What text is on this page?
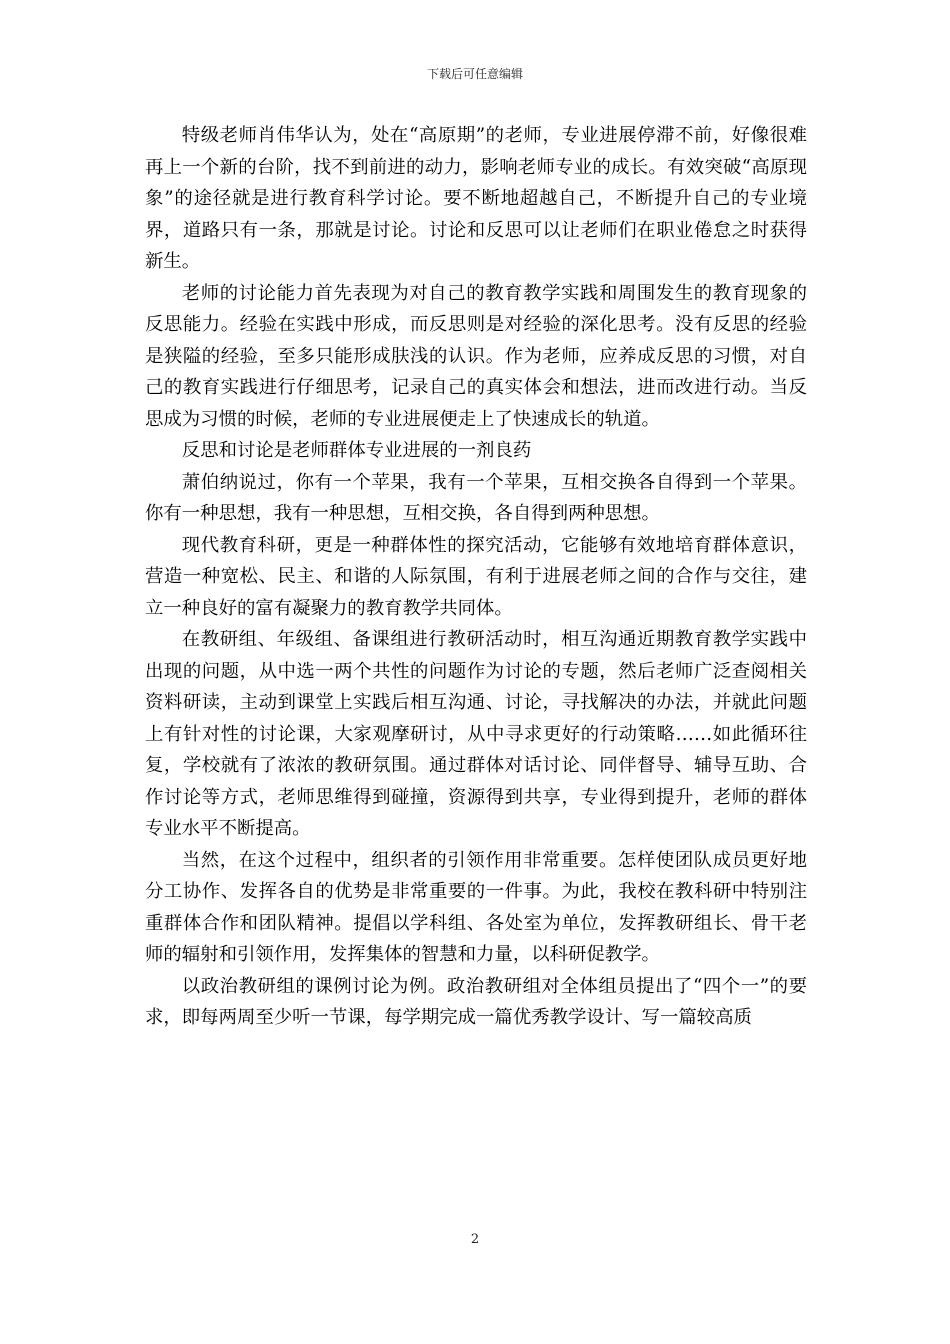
下载后可任意编辑

特级老师肖伟华认为，处在“高原期”的老师，专业进展停滞不前，好像很难再上一个新的台阶，找不到前进的动力，影响老师专业的成长。有效突破“高原现象”的途径就是进行教育科学讨论。要不断地超越自己，不断提升自己的专业境界，道路只有一条，那就是讨论。讨论和反思可以让老师们在职业倦怠之时获得新生。

老师的讨论能力首先表现为对自己的教育教学实践和周围发生的教育现象的反思能力。经验在实践中形成，而反思则是对经验的深化思考。没有反思的经验是狭隘的经验，至多只能形成肤浅的认识。作为老师，应养成反思的习惯，对自己的教育实践进行仔细思考，记录自己的真实体会和想法，进而改进行动。当反思成为习惯的时候，老师的专业进展便走上了快速成长的轨道。

反思和讨论是老师群体专业进展的一剂良药

萧伯纳说过，你有一个苹果，我有一个苹果，互相交换各自得到一个苹果。你有一种思想，我有一种思想，互相交换，各自得到两种思想。

现代教育科研，更是一种群体性的探究活动，它能够有效地培育群体意识，营造一种宽松、民主、和谐的人际氛围，有利于进展老师之间的合作与交往，建立一种良好的富有凝聚力的教育教学共同体。

在教研组、年级组、备课组进行教研活动时，相互沟通近期教育教学实践中出现的问题，从中选一两个共性的问题作为讨论的专题，然后老师广泛查阅相关资料研读，主动到课堂上实践后相互沟通、讨论，寻找解决的办法，并就此问题上有针对性的讨论课，大家观摩研讨，从中寻求更好的行动策略……如此循环往复，学校就有了浓浓的教研氛围。通过群体对话讨论、同伴督导、辅导互助、合作讨论等方式，老师思维得到碰撞，资源得到共享，专业得到提升，老师的群体专业水平不断提高。

当然，在这个过程中，组织者的引领作用非常重要。怎样使团队成员更好地分工协作、发挥各自的优势是非常重要的一件事。为此，我校在教科研中特别注重群体合作和团队精神。提倡以学科组、各处室为单位，发挥教研组长、骨干老师的辐射和引领作用，发挥集体的智慧和力量，以科研促教学。

以政治教研组的课例讨论为例。政治教研组对全体组员提出了“四个一”的要求，即每两周至少听一节课，每学期完成一篇优秀教学设计、写一篇较高质

2
